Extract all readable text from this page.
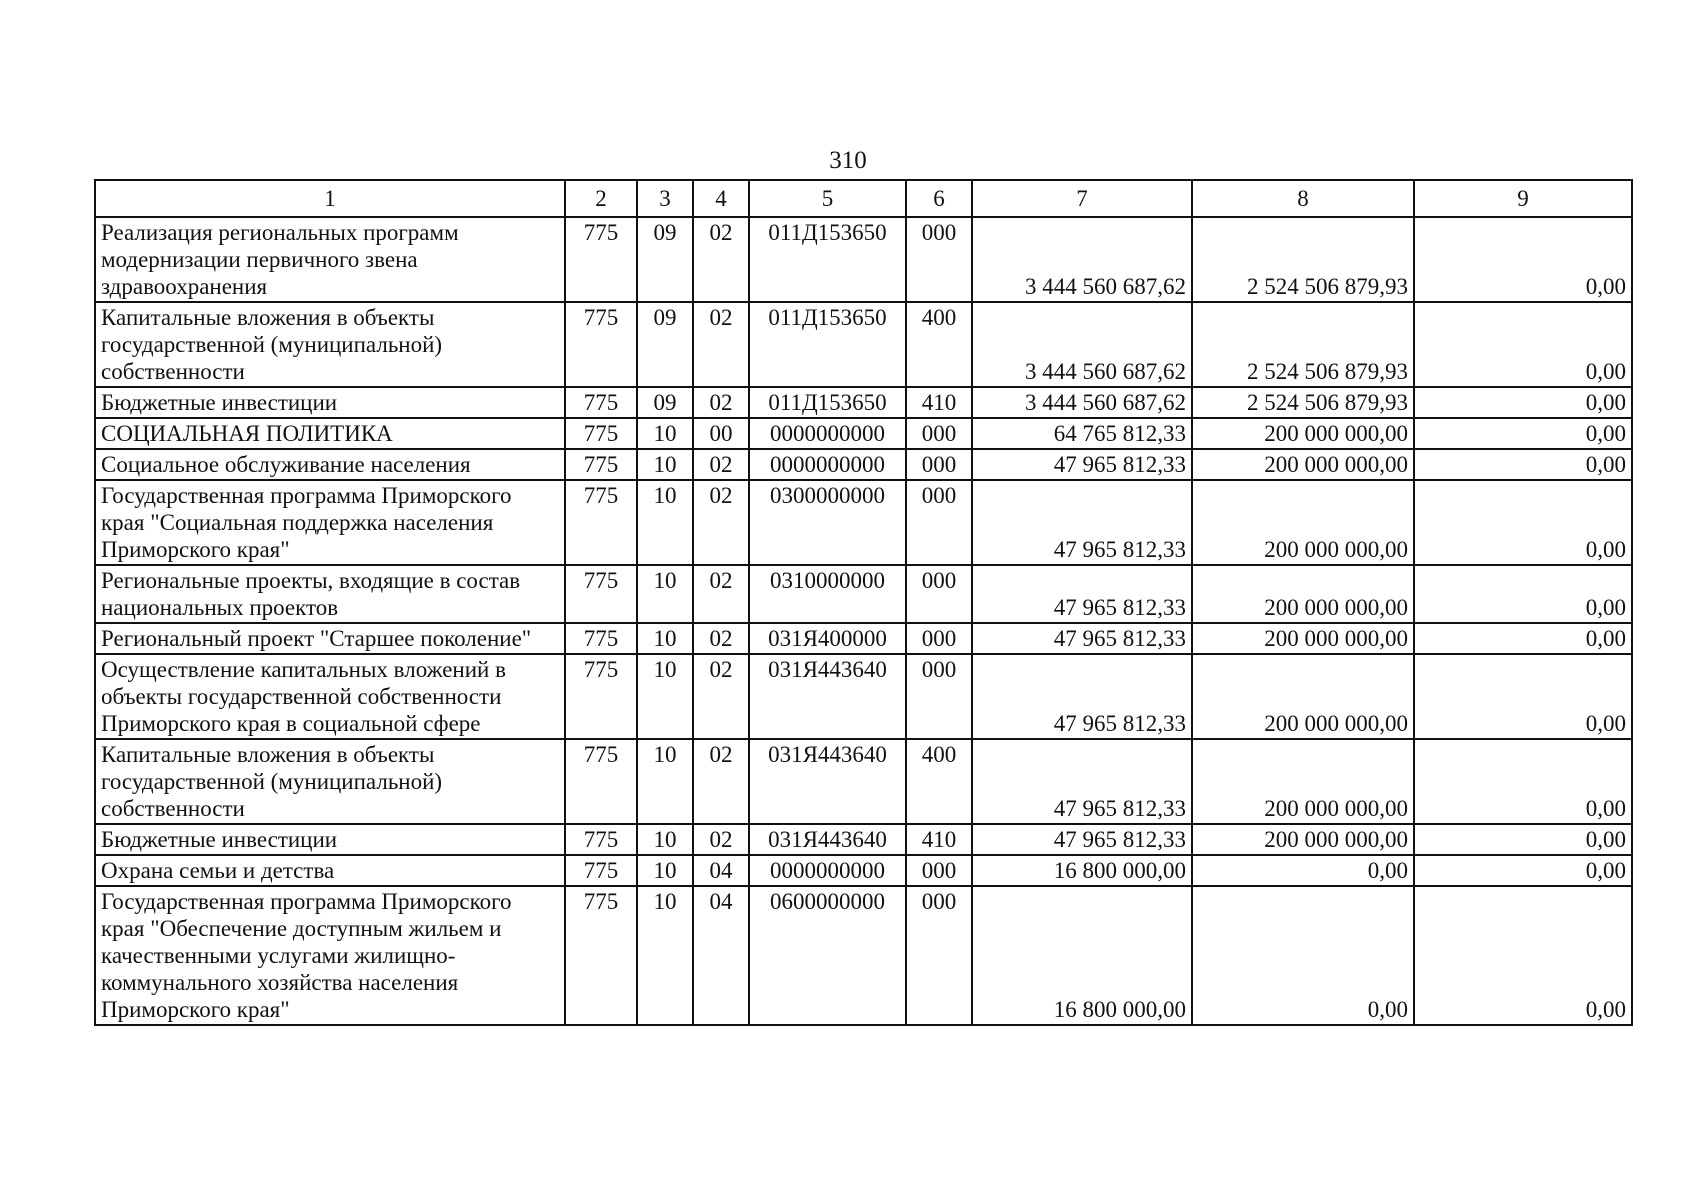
310
1	2	3	4	5	6	7	8	9
Реализация региональных программ модернизации первичного звена здравоохранения	775	09	02	011Д153650	000	3 444 560 687,62	2 524 506 879,93	0,00
Капитальные вложения в объекты государственной (муниципальной) собственности	775	09	02	011Д153650	400	3 444 560 687,62	2 524 506 879,93	0,00
Бюджетные инвестиции	775	09	02	011Д153650	410	3 444 560 687,62	2 524 506 879,93	0,00
СОЦИАЛЬНАЯ ПОЛИТИКА	775	10	00	0000000000	000	64 765 812,33	200 000 000,00	0,00
Социальное обслуживание населения	775	10	02	0000000000	000	47 965 812,33	200 000 000,00	0,00
Государственная программа Приморского края "Социальная поддержка населения Приморского края"	775	10	02	0300000000	000	47 965 812,33	200 000 000,00	0,00
Региональные проекты, входящие в состав национальных проектов	775	10	02	0310000000	000	47 965 812,33	200 000 000,00	0,00
Региональный проект "Старшее поколение"	775	10	02	031Я400000	000	47 965 812,33	200 000 000,00	0,00
Осуществление капитальных вложений в объекты государственной собственности Приморского края в социальной сфере	775	10	02	031Я443640	000	47 965 812,33	200 000 000,00	0,00
Капитальные вложения в объекты государственной (муниципальной) собственности	775	10	02	031Я443640	400	47 965 812,33	200 000 000,00	0,00
Бюджетные инвестиции	775	10	02	031Я443640	410	47 965 812,33	200 000 000,00	0,00
Охрана семьи и детства	775	10	04	0000000000	000	16 800 000,00	0,00	0,00
Государственная программа Приморского края "Обеспечение доступным жильем и качественными услугами жилищно-коммунального хозяйства населения Приморского края"	775	10	04	0600000000	000	16 800 000,00	0,00	0,00
